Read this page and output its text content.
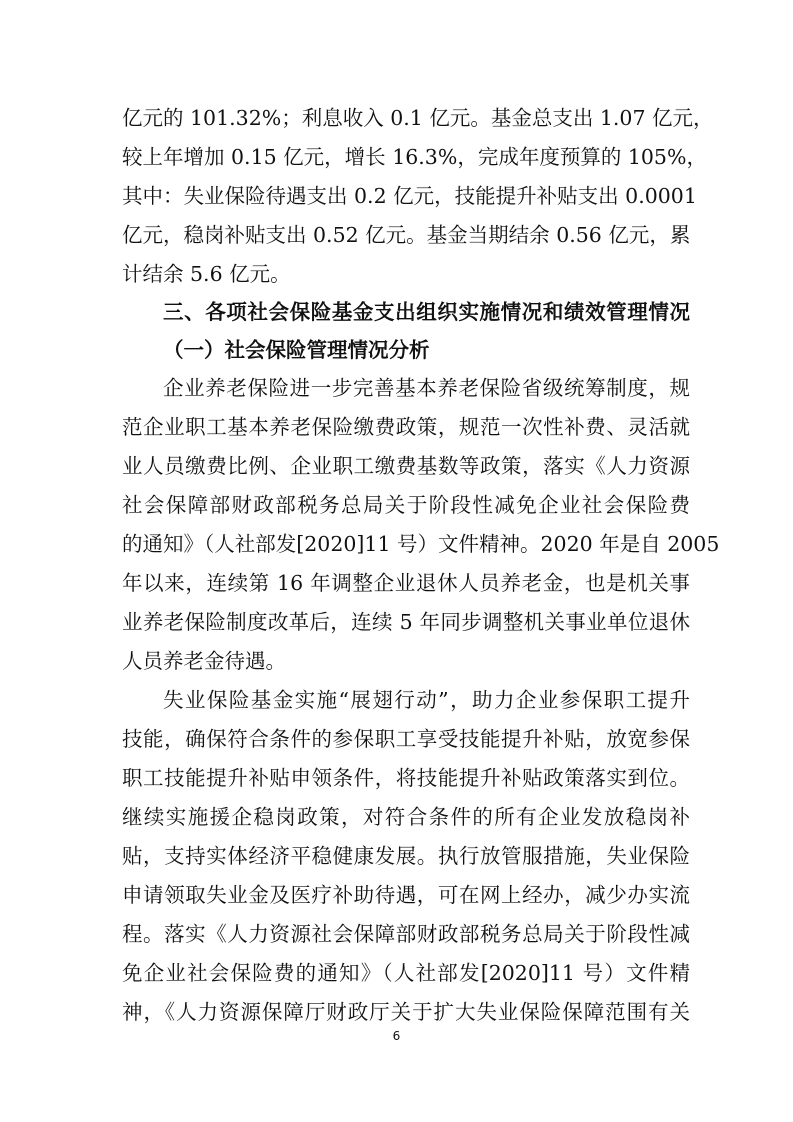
亿元的 101.32%；利息收入 0.1 亿元。基金总支出 1.07 亿元，
较上年增加 0.15 亿元，增长 16.3%，完成年度预算的 105%，
其中：失业保险待遇支出 0.2 亿元，技能提升补贴支出 0.0001
亿元，稳岗补贴支出 0.52 亿元。基金当期结余 0.56 亿元，累
计结余 5.6 亿元。
三、各项社会保险基金支出组织实施情况和绩效管理情况
（一）社会保险管理情况分析
企业养老保险进一步完善基本养老保险省级统筹制度，规
范企业职工基本养老保险缴费政策，规范一次性补费、灵活就
业人员缴费比例、企业职工缴费基数等政策，落实《人力资源
社会保障部财政部税务总局关于阶段性减免企业社会保险费
的通知》（人社部发[2020]11 号）文件精神。2020 年是自 2005
年以来，连续第 16 年调整企业退休人员养老金，也是机关事
业养老保险制度改革后，连续 5 年同步调整机关事业单位退休
人员养老金待遇。
失业保险基金实施“展翅行动”，助力企业参保职工提升
技能，确保符合条件的参保职工享受技能提升补贴，放宽参保
职工技能提升补贴申领条件，将技能提升补贴政策落实到位。
继续实施援企稳岗政策，对符合条件的所有企业发放稳岗补
贴，支持实体经济平稳健康发展。执行放管服措施，失业保险
申请领取失业金及医疗补助待遇，可在网上经办，减少办实流
程。落实《人力资源社会保障部财政部税务总局关于阶段性减
免企业社会保险费的通知》（人社部发[2020]11 号）文件精
神，《人力资源保障厅财政厅关于扩大失业保险保障范围有关
6
